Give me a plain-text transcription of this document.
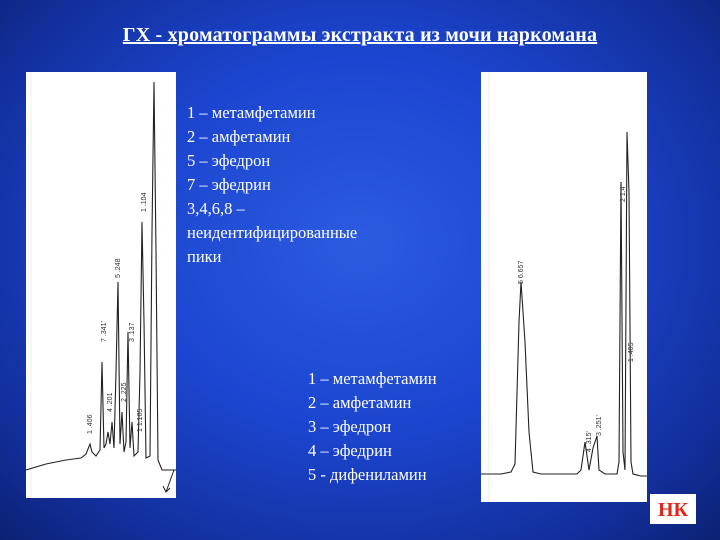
ГХ - хроматограммы экстракта из мочи наркомана
1 .406
7 .341'
5 .248
3 .137
1 .104
4 .201
2 .225
1 1.105
1 – метамфетамин
2 – амфетамин
5 – эфедрон
7 – эфедрин
3,4,6,8 –
неидентифицированные
пики
5 6.657
4 .315'
3 .251'
2 1.4'
1 .405
1 – метамфетамин
2 – амфетамин
3 – эфедрон
4 – эфедрин
5 - дифениламин
НК
